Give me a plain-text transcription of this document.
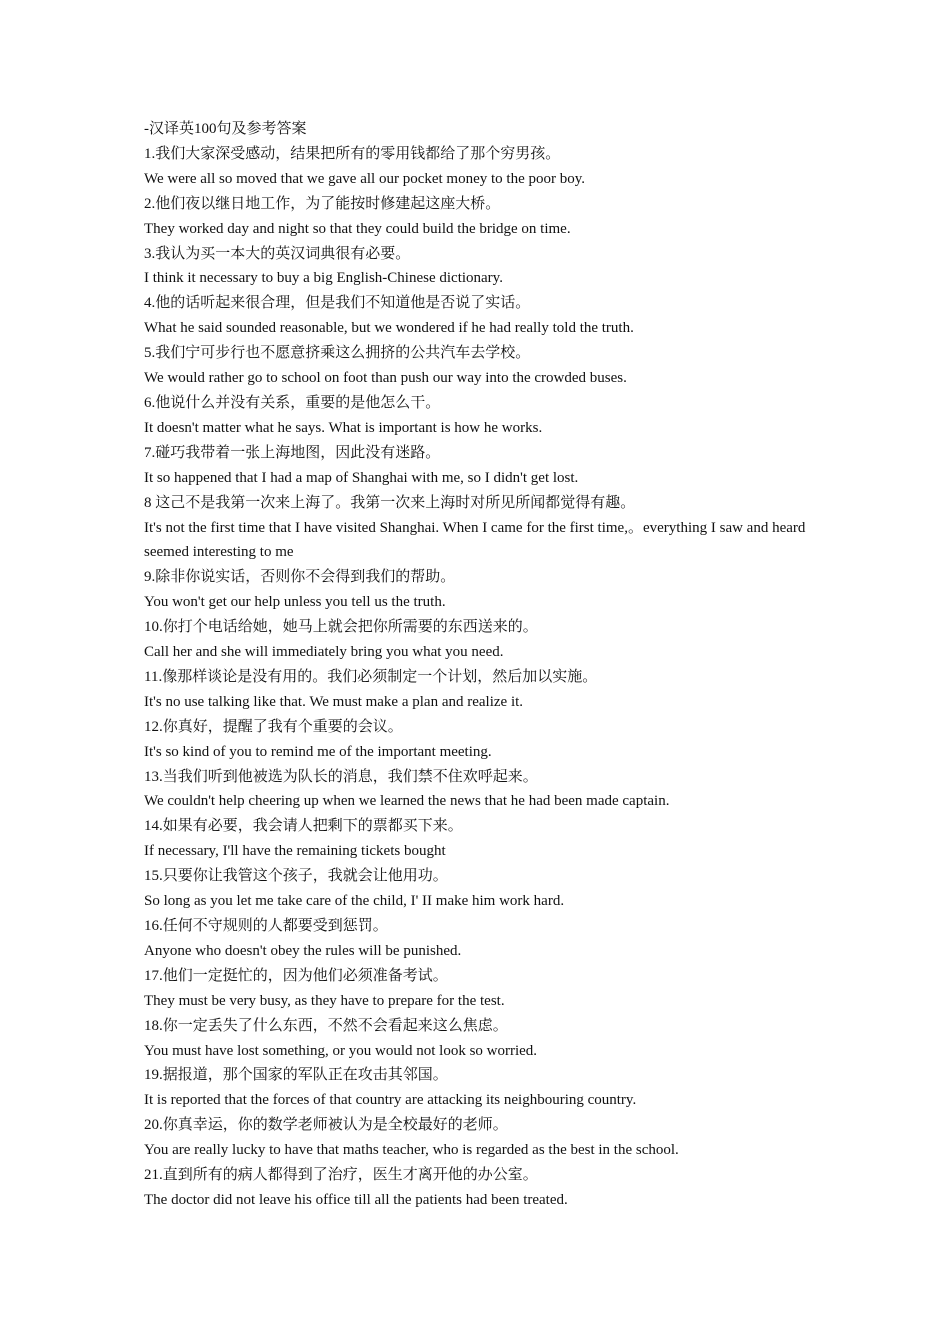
-汉译英100句及参考答案

1.我们大家深受感动，结果把所有的零用钱都给了那个穷男孩。

We were all so moved that we gave all our pocket money to the poor boy.

2.他们夜以继日地工作，为了能按时修建起这座大桥。

They worked day and night so that they could build the bridge on time.

3.我认为买一本大的英汉词典很有必要。

I think it necessary to buy a big English-Chinese dictionary.

4.他的话听起来很合理，但是我们不知道他是否说了实话。

What he said sounded reasonable, but we wondered if he had really told the truth.

5.我们宁可步行也不愿意挤乘这么拥挤的公共汽车去学校。

We would rather go to school on foot than push our way into the crowded buses.

6.他说什么并没有关系，重要的是他怎么干。

It doesn't matter what he says. What is important is how he works.

7.碰巧我带着一张上海地图，因此没有迷路。

It so happened that I had a map of Shanghai with me, so I didn't get lost.

8 这己不是我第一次来上海了。我第一次来上海时对所见所闻都觉得有趣。

It's not the first time that I have visited Shanghai. When I came for the first time,。everything I saw and heard seemed interesting to me

9.除非你说实话，否则你不会得到我们的帮助。

You won't get our help unless you tell us the truth.

10.你打个电话给她，她马上就会把你所需要的东西送来的。

Call her and she will immediately bring you what you need.

11.像那样谈论是没有用的。我们必须制定一个计划，然后加以实施。

It's no use talking like that. We must make a plan and realize it.

12.你真好，提醒了我有个重要的会议。

It's so kind of you to remind me of the important meeting.

13.当我们听到他被选为队长的消息，我们禁不住欢呼起来。

We couldn't help cheering up when we learned the news that he had been made captain.

14.如果有必要，我会请人把剩下的票都买下来。

If necessary, I'll have the remaining tickets bought

15.只要你让我管这个孩子，我就会让他用功。

So long as you let me take care of the child, I' II make him work hard.

16.任何不守规则的人都要受到惩罚。

Anyone who doesn't obey the rules will be punished.

17.他们一定挺忙的，因为他们必须准备考试。

They must be very busy, as they have to prepare for the test.

18.你一定丢失了什么东西，不然不会看起来这么焦虑。

You must have lost something, or you would not look so worried.

19.据报道，那个国家的军队正在攻击其邻国。

It is reported that the forces of that country are attacking its neighbouring country.

20.你真幸运，你的数学老师被认为是全校最好的老师。

You are really lucky to have that maths teacher, who is regarded as the best in the school.

21.直到所有的病人都得到了治疗，医生才离开他的办公室。

The doctor did not leave his office till all the patients had been treated.
